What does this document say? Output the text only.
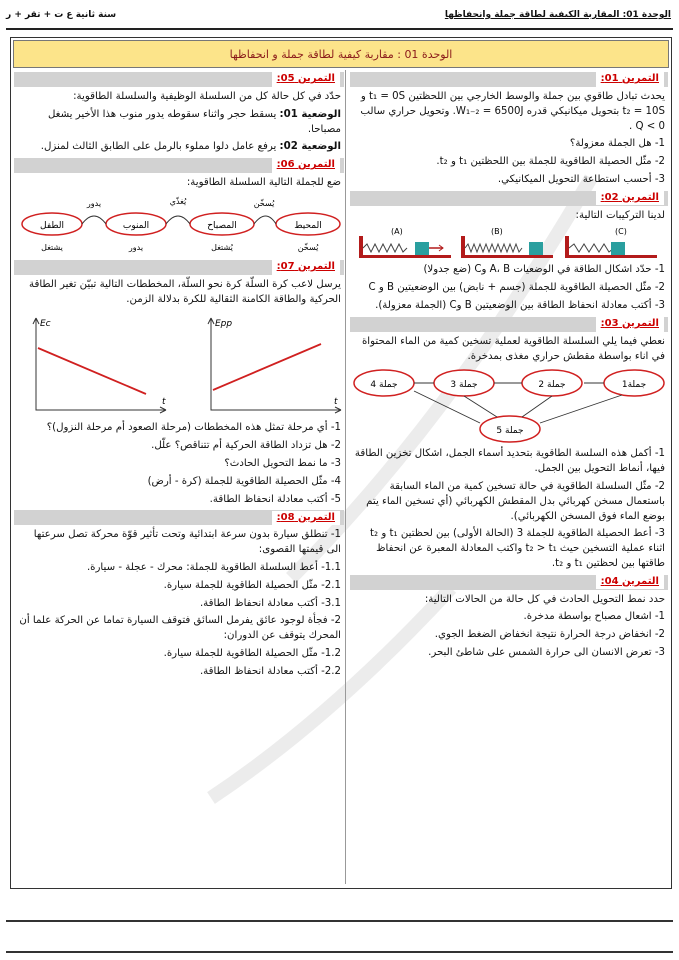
سنة ثانية ع ت + تقر + ر	الوحدة 01: المقاربة الكيفية لطاقة جملة وانحفاظها
الوحدة 01 : مقاربة كيفية لطاقة جملة و انحفاظها
التمرين 01:

يحدث تبادل طاقوي بين جملة والوسط الخارجي بين اللحظتين t₁ = 0S و t₂ = 10S بتحويل ميكانيكي قدره W₁₋₂ = 6500J. وتحويل حراري سالب Q < 0 .

1- هل الجملة معزولة؟

2- مثّل الحصيلة الطاقوية للجملة بين اللحظتين t₁ و t₂.

3- أحسب استطاعة التحويل الميكانيكي.

التمرين 02:

لدينا التركيبات التالية:

(A)	(B)	(C)

1- حدّد اشكال الطاقة في الوضعيات A، B وC (ضع جدولا)

2- مثّل الحصيلة الطاقوية للجملة (جسم + نابض) بين الوضعيتين B و C

3- أكتب معادلة انحفاظ الطاقة بين الوضعيتين B وC (الجملة معزولة).

التمرين 03:

نعطي فيما يلي السلسلة الطاقوية لعملية تسخين كمية من الماء المحتواة في اناء بواسطة مقطش حراري مغذى بمدخرة.

جملة 4	جملة 3	جملة 2	جملة1
جملة 5

1- أكمل هذه السلسة الطاقوية بتحديد أسماء الجمل، اشكال تخزين الطاقة فيها، أنماط التحويل بين الجمل.

2- مثّل السلسلة الطاقوية في حالة تسخين كمية من الماء السابقة باستعمال مسخن كهربائي بدل المقطش الكهربائي (أي تسخين الماء يتم بوضع الماء فوق المسخن الكهربائي).

3- أعط الحصيلة الطاقوية للجملة 3 (الحالة الأولى) بين لحظتين t₁ و t₂ اثناء عملية التسخين حيث t₂ > t₁ واكتب المعادلة المعبرة عن انحفاظ طاقتها بين لحظتين t₁ و t₂.

التمرين 04:

حدد نمط التحويل الحادث في كل حالة من الحالات التالية:

1- اشعال مصباح بواسطة مدخرة.

2- انخفاض درجة الحرارة نتيجة انخفاض الضغط الجوي.

3- تعرض الانسان الى حرارة الشمس على شاطئ البحر.

التمرين 05:

حدّد في كل حالة كل من السلسلة الوظيفية والسلسلة الطاقوية:

الوضعية 01: يسقط حجر واثناء سقوطه يدور منوب هذا الأخير يشغل مصباحا.

الوضعية 02: يرفع عامل دلوا مملوء بالرمل على الطابق الثالث لمنزل.

التمرين 06:

ضع للجملة التالية السلسلة الطاقوية:

الطفل	المنوب	المصباح	المحيط
يدور	يُغذّي	يُسخّن
يشتغل	يدور	يُشتغل	يُسخّن
التمرين 07:

يرسل لاعب كرة السلّة كرة نحو السلّة، المخططات التالية تبيّن تغير الطاقة الحركية والطاقة الكامنة الثقالية للكرة بدلالة الزمن.

Ec
t
Epp
t

1- أي مرحلة تمثل هذه المخططات (مرحلة الصعود أم مرحلة النزول)؟

2- هل تزداد الطاقة الحركية أم تتناقص؟ علّل.

3- ما نمط التحويل الحادث؟

4- مثّل الحصيلة الطاقوية للجملة (كرة - أرض)

5- أكتب معادلة انحفاظ الطاقة.

التمرين 08:

1- تنطلق سيارة بدون سرعة ابتدائية وتحت تأثير قوّة محركة تصل سرعتها الى قيمتها القصوى:

1.1- أعط السلسلة الطاقوية للجملة: محرك - عجلة - سيارة.

2.1- مثّل الحصيلة الطاقوية للجملة سيارة.

3.1- أكتب معادلة انحفاظ الطاقة.

2- فجأة لوجود عائق يفرمل السائق فتوقف السيارة تماما عن الحركة علما أن المحرك يتوقف عن الدوران:

1.2- مثّل الحصيلة الطاقوية للجملة سيارة.

2.2- أكتب معادلة انحفاظ الطاقة.
